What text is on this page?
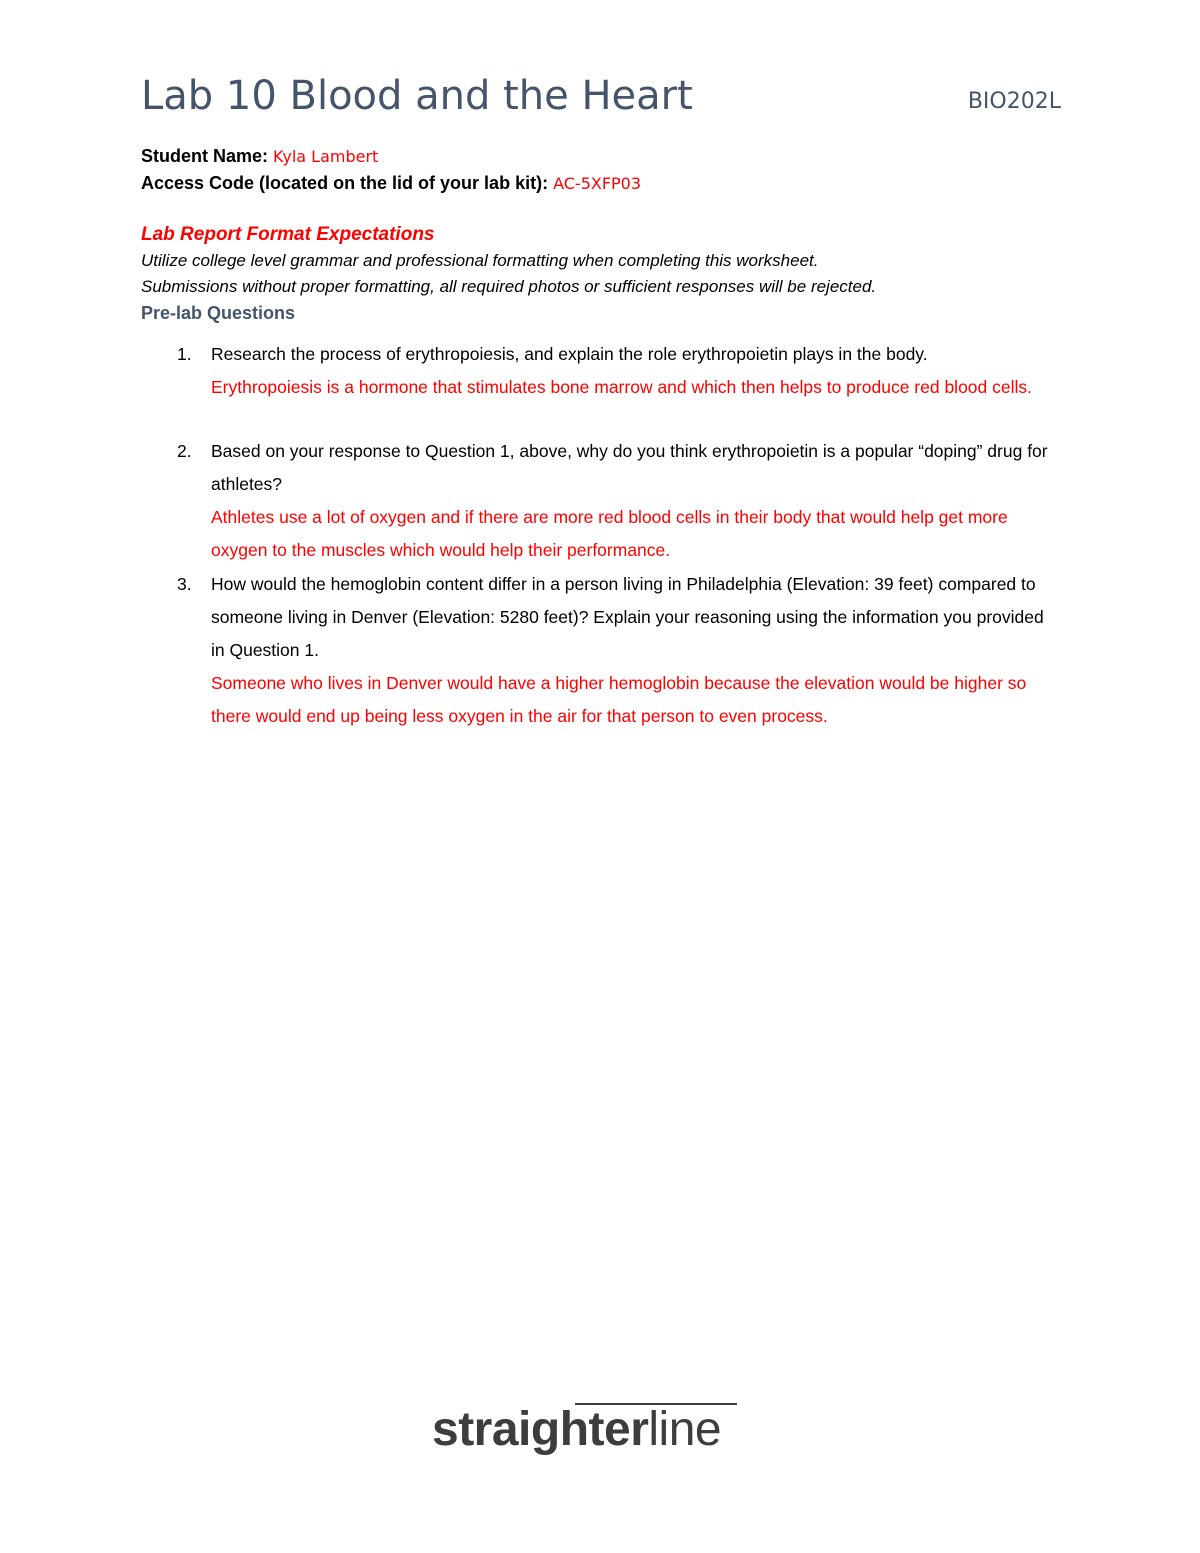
Lab 10 Blood and the Heart	BIO202L
Student Name: Kyla Lambert
Access Code (located on the lid of your lab kit): AC-5XFP03
Lab Report Format Expectations
Utilize college level grammar and professional formatting when completing this worksheet.
Submissions without proper formatting, all required photos or sufficient responses will be rejected.
Pre-lab Questions
1. Research the process of erythropoiesis, and explain the role erythropoietin plays in the body.
Erythropoiesis is a hormone that stimulates bone marrow and which then helps to produce red blood cells.
2. Based on your response to Question 1, above, why do you think erythropoietin is a popular “doping” drug for athletes?
Athletes use a lot of oxygen and if there are more red blood cells in their body that would help get more oxygen to the muscles which would help their performance.
3. How would the hemoglobin content differ in a person living in Philadelphia (Elevation: 39 feet) compared to someone living in Denver (Elevation: 5280 feet)? Explain your reasoning using the information you provided in Question 1.
Someone who lives in Denver would have a higher hemoglobin because the elevation would be higher so there would end up being less oxygen in the air for that person to even process.
straighterline
